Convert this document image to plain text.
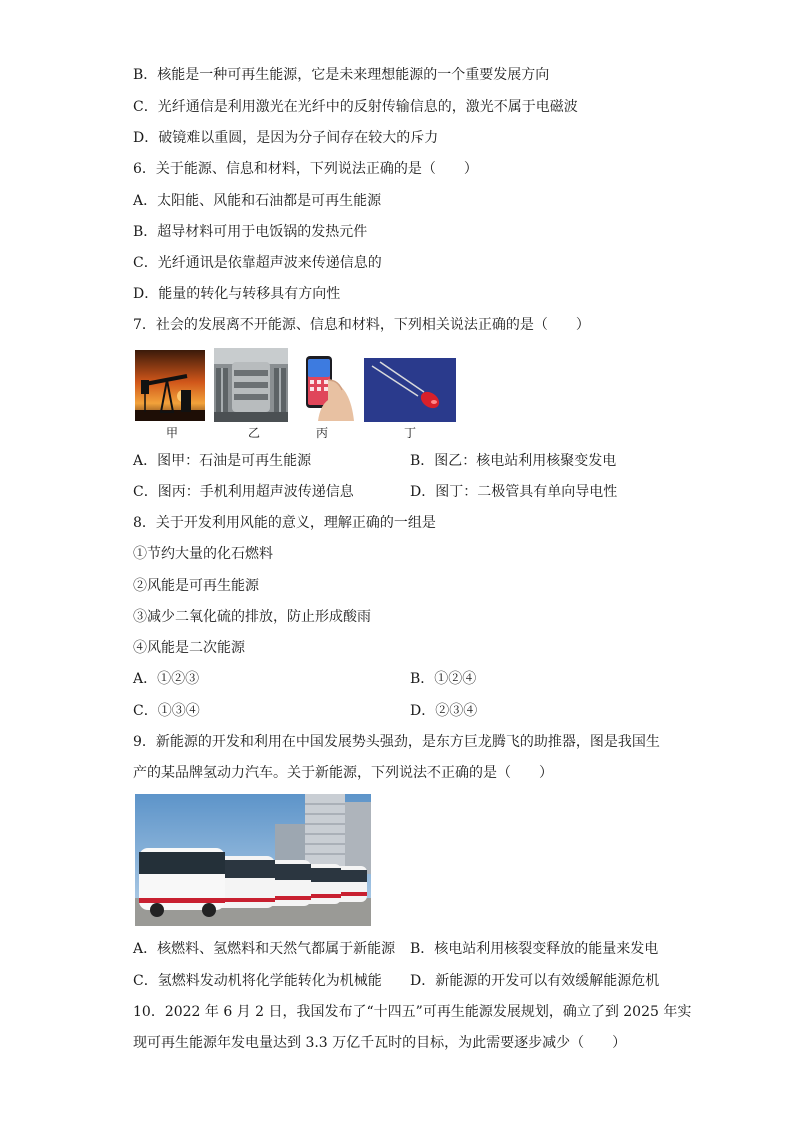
B．核能是一种可再生能源，它是未来理想能源的一个重要发展方向
C．光纤通信是利用激光在光纤中的反射传输信息的，激光不属于电磁波
D．破镜难以重圆，是因为分子间存在较大的斥力
6．关于能源、信息和材料，下列说法正确的是（　　）
A．太阳能、风能和石油都是可再生能源
B．超导材料可用于电饭锅的发热元件
C．光纤通讯是依靠超声波来传递信息的
D．能量的转化与转移具有方向性
7．社会的发展离不开能源、信息和材料，下列相关说法正确的是（　　）
甲	乙	丙	丁
A．图甲：石油是可再生能源	B．图乙：核电站利用核聚变发电
C．图丙：手机利用超声波传递信息	D．图丁：二极管具有单向导电性
8．关于开发利用风能的意义，理解正确的一组是
①节约大量的化石燃料
②风能是可再生能源
③减少二氧化硫的排放，防止形成酸雨
④风能是二次能源
A．①②③	B．①②④
C．①③④	D．②③④
9．新能源的开发和利用在中国发展势头强劲，是东方巨龙腾飞的助推器，图是我国生
产的某品牌氢动力汽车。关于新能源，下列说法不正确的是（　　）
A．核燃料、氢燃料和天然气都属于新能源 B．核电站利用核裂变释放的能量来发电
C．氢燃料发动机将化学能转化为机械能 D．新能源的开发可以有效缓解能源危机
10．2022 年 6 月 2 日，我国发布了“十四五”可再生能源发展规划，确立了到 2025 年实
现可再生能源年发电量达到 3.3 万亿千瓦时的目标，为此需要逐步减少（　　）
